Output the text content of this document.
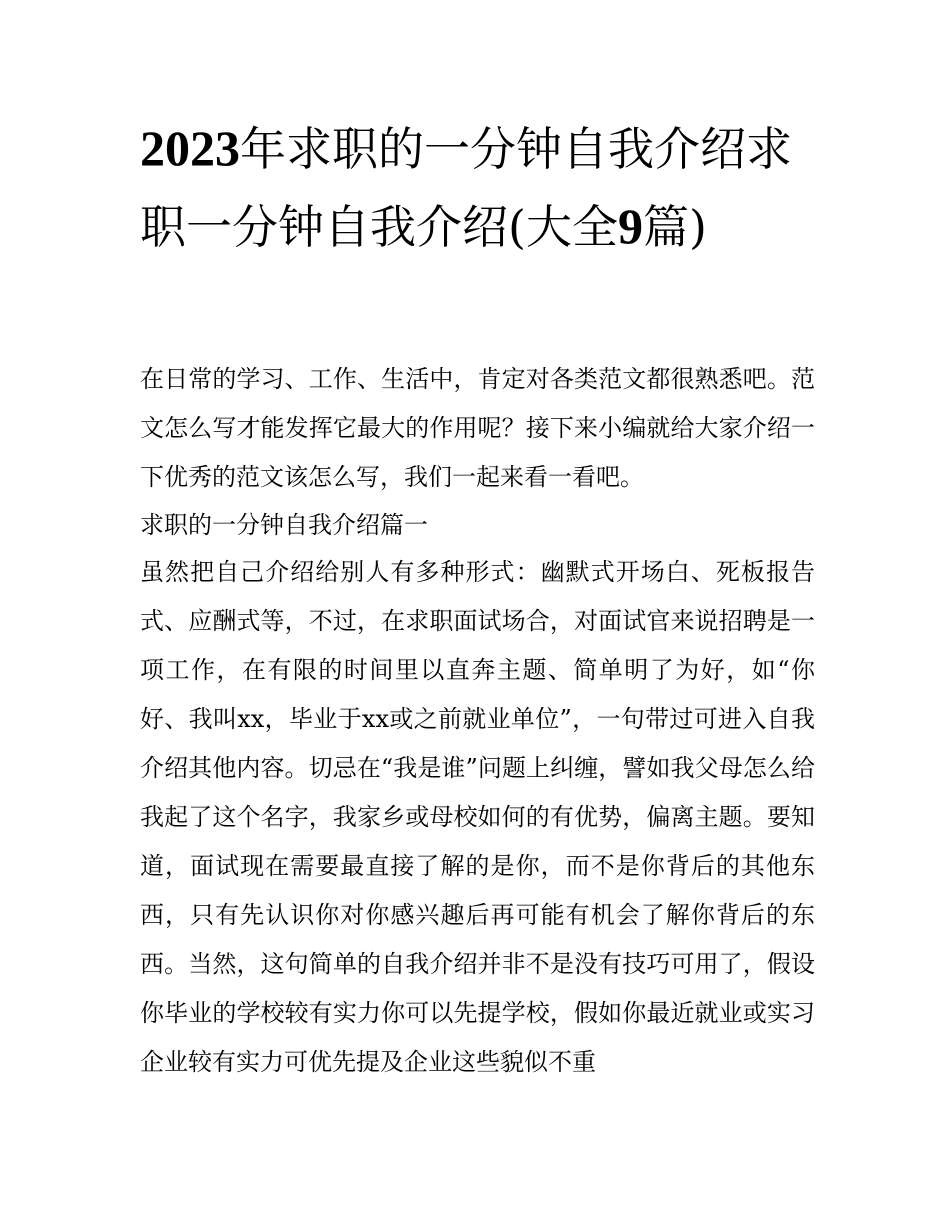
2023年求职的一分钟自我介绍求职一分钟自我介绍(大全9篇)

在日常的学习、工作、生活中，肯定对各类范文都很熟悉吧。范文怎么写才能发挥它最大的作用呢？接下来小编就给大家介绍一下优秀的范文该怎么写，我们一起来看一看吧。

求职的一分钟自我介绍篇一

虽然把自己介绍给别人有多种形式：幽默式开场白、死板报告式、应酬式等，不过，在求职面试场合，对面试官来说招聘是一项工作，在有限的时间里以直奔主题、简单明了为好，如“你好、我叫xx，毕业于xx或之前就业单位”，一句带过可进入自我介绍其他内容。切忌在“我是谁”问题上纠缠，譬如我父母怎么给我起了这个名字，我家乡或母校如何的有优势，偏离主题。要知道，面试现在需要最直接了解的是你，而不是你背后的其他东西，只有先认识你对你感兴趣后再可能有机会了解你背后的东西。当然，这句简单的自我介绍并非不是没有技巧可用了，假设你毕业的学校较有实力你可以先提学校，假如你最近就业或实习企业较有实力可优先提及企业这些貌似不重
